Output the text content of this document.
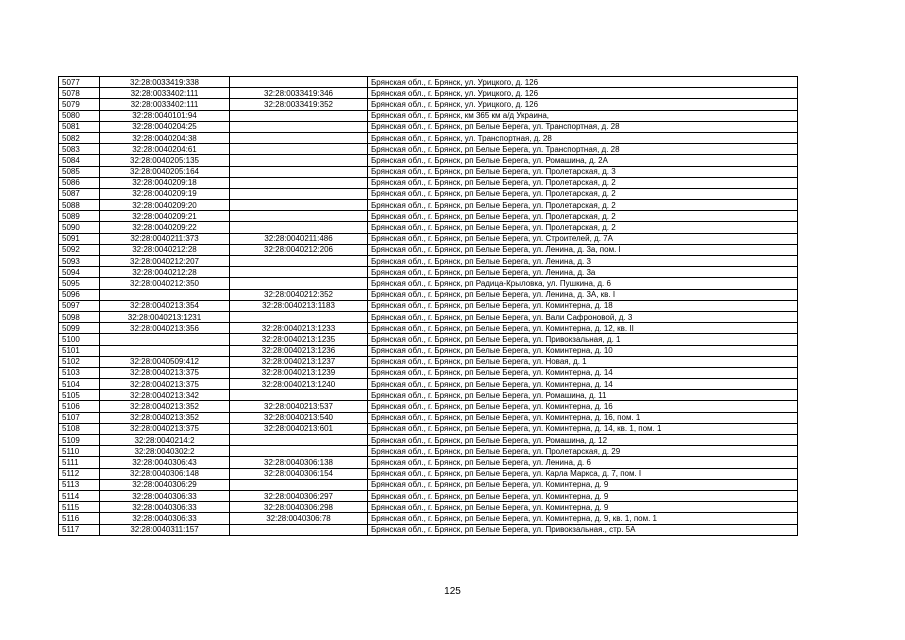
5077	32:28:0033419:338		Брянская обл., г. Брянск, ул. Урицкого, д. 126
5078	32:28:0033402:111	32:28:0033419:346	Брянская обл., г. Брянск, ул. Урицкого, д. 126
5079	32:28:0033402:111	32:28:0033419:352	Брянская обл., г. Брянск, ул. Урицкого, д. 126
5080	32:28:0040101:94		Брянская обл., г. Брянск, км 365 км а/д Украина,
5081	32:28:0040204:25		Брянская обл., г. Брянск, рп Белые Берега, ул. Транспортная, д. 28
5082	32:28:0040204:38		Брянская обл., г. Брянск, ул. Транспортная, д. 28
5083	32:28:0040204:61		Брянская обл., г. Брянск, рп Белые Берега, ул. Транспортная, д. 28
5084	32:28:0040205:135		Брянская обл., г. Брянск, рп Белые Берега, ул. Ромашина, д. 2А
5085	32:28:0040205:164		Брянская обл., г. Брянск, рп Белые Берега, ул. Пролетарская, д. 3
5086	32:28:0040209:18		Брянская обл., г. Брянск, рп Белые Берега, ул. Пролетарская, д. 2
5087	32:28:0040209:19		Брянская обл., г. Брянск, рп Белые Берега, ул. Пролетарская, д. 2
5088	32:28:0040209:20		Брянская обл., г. Брянск, рп Белые Берега, ул. Пролетарская, д. 2
5089	32:28:0040209:21		Брянская обл., г. Брянск, рп Белые Берега, ул. Пролетарская, д. 2
5090	32:28:0040209:22		Брянская обл., г. Брянск, рп Белые Берега, ул. Пролетарская, д. 2
5091	32:28:0040211:373	32:28:0040211:486	Брянская обл., г. Брянск, рп Белые Берега, ул. Строителей, д. 7А
5092	32:28:0040212:28	32:28:0040212:206	Брянская обл., г. Брянск, рп Белые Берега, ул. Ленина, д. 3а, пом. I
5093	32:28:0040212:207		Брянская обл., г. Брянск, рп Белые Берега, ул. Ленина, д. 3
5094	32:28:0040212:28		Брянская обл., г. Брянск, рп Белые Берега, ул. Ленина, д. 3а
5095	32:28:0040212:350		Брянская обл., г. Брянск, рп Радица-Крыловка, ул. Пушкина, д. 6
5096		32:28:0040212:352	Брянская обл., г. Брянск, рп Белые Берега, ул. Ленина, д. 3А, кв. I
5097	32:28:0040213:354	32:28:0040213:1183	Брянская обл., г. Брянск, рп Белые Берега, ул. Коминтерна, д. 18
5098	32:28:0040213:1231		Брянская обл., г. Брянск, рп Белые Берега, ул. Вали Сафроновой, д. 3
5099	32:28:0040213:356	32:28:0040213:1233	Брянская обл., г. Брянск, рп Белые Берега, ул. Коминтерна, д. 12, кв. II
5100		32:28:0040213:1235	Брянская обл., г. Брянск, рп Белые Берега, ул. Привокзальная, д. 1
5101		32:28:0040213:1236	Брянская обл., г. Брянск, рп Белые Берега, ул. Коминтерна, д. 10
5102	32:28:0040509:412	32:28:0040213:1237	Брянская обл., г. Брянск, рп Белые Берега, ул. Новая, д. 1
5103	32:28:0040213:375	32:28:0040213:1239	Брянская обл., г. Брянск, рп Белые Берега, ул. Коминтерна, д. 14
5104	32:28:0040213:375	32:28:0040213:1240	Брянская обл., г. Брянск, рп Белые Берега, ул. Коминтерна, д. 14
5105	32:28:0040213:342		Брянская обл., г. Брянск, рп Белые Берега, ул. Ромашина, д. 11
5106	32:28:0040213:352	32:28:0040213:537	Брянская обл., г. Брянск, рп Белые Берега, ул. Коминтерна, д. 16
5107	32:28:0040213:352	32:28:0040213:540	Брянская обл., г. Брянск, рп Белые Берега, ул. Коминтерна, д. 16, пом. 1
5108	32:28:0040213:375	32:28:0040213:601	Брянская обл., г. Брянск, рп Белые Берега, ул. Коминтерна, д. 14, кв. 1, пом. 1
5109	32:28:0040214:2		Брянская обл., г. Брянск, рп Белые Берега, ул. Ромашина, д. 12
5110	32:28:0040302:2		Брянская обл., г. Брянск, рп Белые Берега, ул. Пролетарская, д. 29
5111	32:28:0040306:43	32:28:0040306:138	Брянская обл., г. Брянск, рп Белые Берега, ул. Ленина, д. 6
5112	32:28:0040306:148	32:28:0040306:154	Брянская обл., г. Брянск, рп Белые Берега, ул. Карла Маркса, д. 7, пом. I
5113	32:28:0040306:29		Брянская обл., г. Брянск, рп Белые Берега, ул. Коминтерна, д. 9
5114	32:28:0040306:33	32:28:0040306:297	Брянская обл., г. Брянск, рп Белые Берега, ул. Коминтерна, д. 9
5115	32:28:0040306:33	32:28:0040306:298	Брянская обл., г. Брянск, рп Белые Берега, ул. Коминтерна, д. 9
5116	32:28:0040306:33	32:28:0040306:78	Брянская обл., г. Брянск, рп Белые Берега, ул. Коминтерна, д. 9, кв. 1, пом. 1
5117	32:28:0040311:157		Брянская обл., г. Брянск, рп Белые Берега, ул. Привокзальная., стр. 5А
125
